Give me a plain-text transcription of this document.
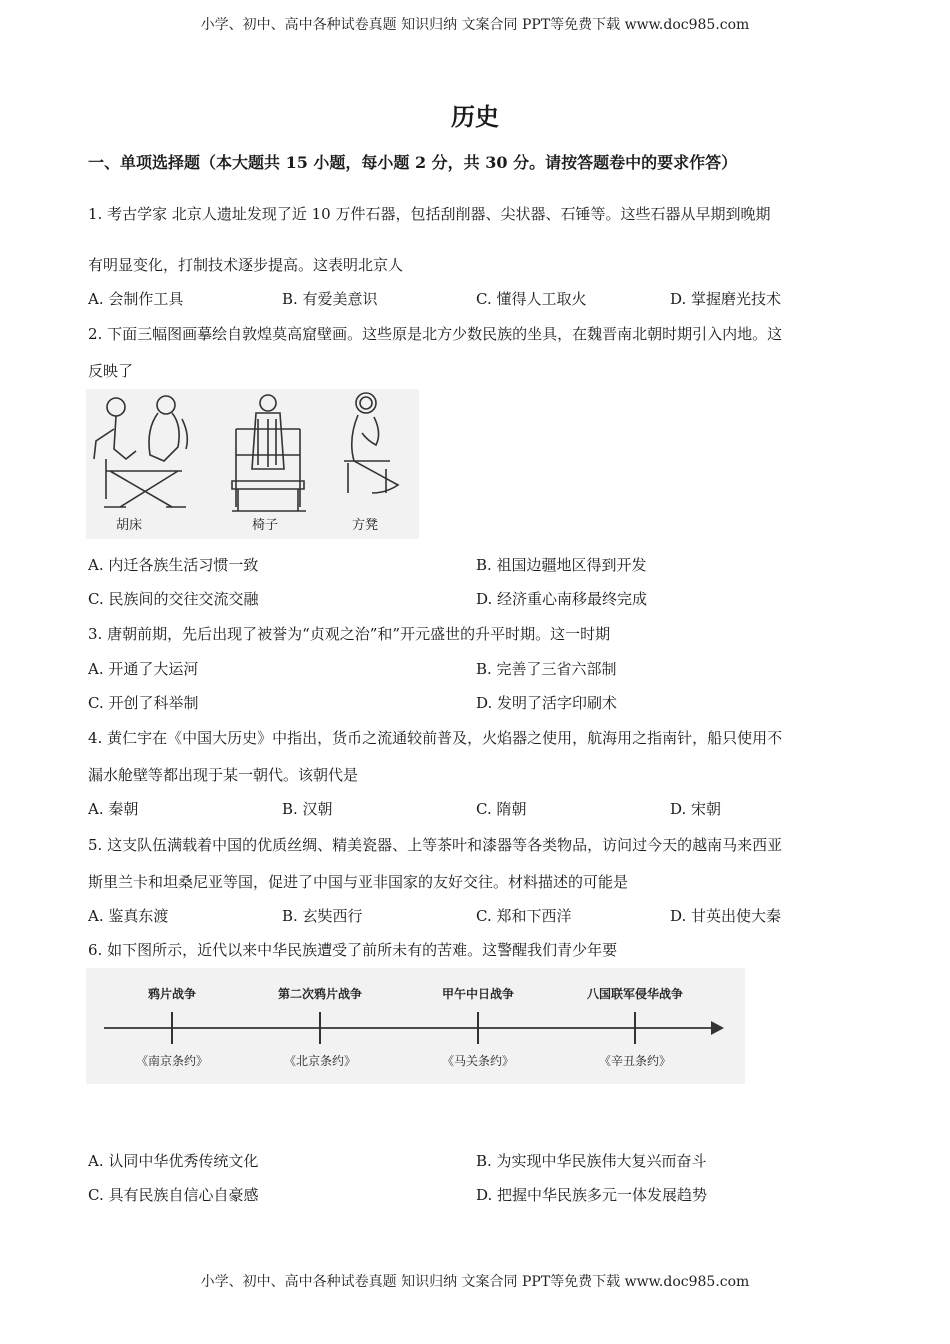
小学、初中、高中各种试卷真题 知识归纳 文案合同 PPT等免费下载 www.doc985.com
历史
一、单项选择题（本大题共 15 小题，每小题 2 分，共 30 分。请按答题卷中的要求作答）
1. 考古学家 北京人遗址发现了近 10 万件石器，包括刮削器、尖状器、石锤等。这些石器从早期到晚期
有明显变化，打制技术逐步提高。这表明北京人
A. 会制作工具	B. 有爱美意识	C. 懂得人工取火	D. 掌握磨光技术
2. 下面三幅图画摹绘自敦煌莫高窟壁画。这些原是北方少数民族的坐具，在魏晋南北朝时期引入内地。这
反映了
胡床	椅子	方凳
A. 内迁各族生活习惯一致	B. 祖国边疆地区得到开发
C. 民族间的交往交流交融	D. 经济重心南移最终完成
3. 唐朝前期，先后出现了被誉为“贞观之治”和”开元盛世的升平时期。这一时期
A. 开通了大运河	B. 完善了三省六部制
C. 开创了科举制	D. 发明了活字印刷术
4. 黄仁宇在《中国大历史》中指出，货币之流通较前普及，火焰器之使用，航海用之指南针，船只使用不
漏水舱壁等都出现于某一朝代。该朝代是
A. 秦朝	B. 汉朝	C. 隋朝	D. 宋朝
5. 这支队伍满载着中国的优质丝绸、精美瓷器、上等茶叶和漆器等各类物品，访问过今天的越南马来西亚
斯里兰卡和坦桑尼亚等国，促进了中国与亚非国家的友好交往。材料描述的可能是
A. 鉴真东渡	B. 玄奘西行	C. 郑和下西洋	D. 甘英出使大秦
6. 如下图所示，近代以来中华民族遭受了前所未有的苦难。这警醒我们青少年要
鸦片战争	第二次鸦片战争	甲午中日战争	八国联军侵华战争
《南京条约》	《北京条约》	《马关条约》	《辛丑条约》
A. 认同中华优秀传统文化	B. 为实现中华民族伟大复兴而奋斗
C. 具有民族自信心自豪感	D. 把握中华民族多元一体发展趋势
小学、初中、高中各种试卷真题 知识归纳 文案合同 PPT等免费下载 www.doc985.com
